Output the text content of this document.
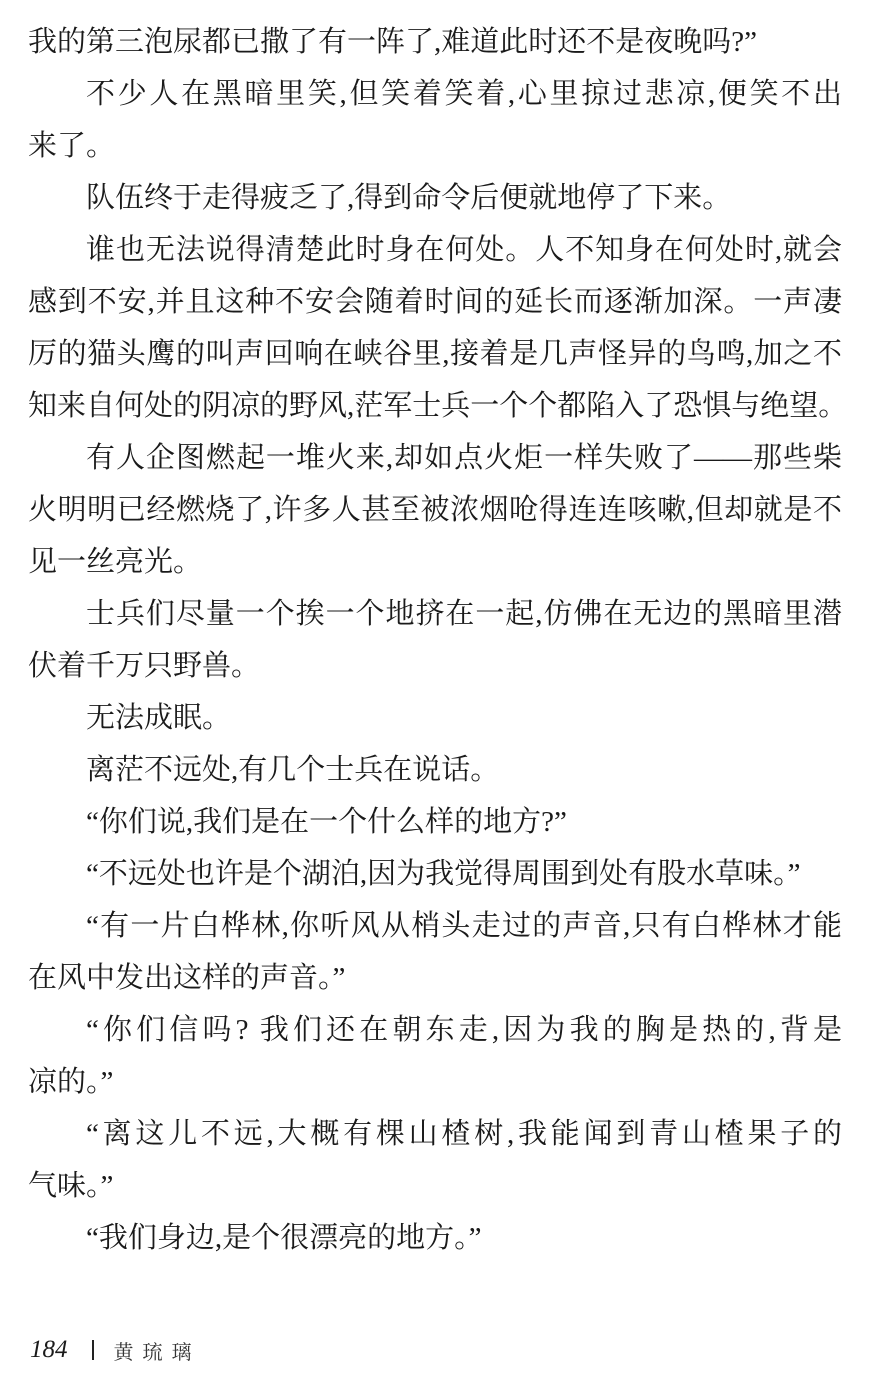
我的第三泡尿都已撒了有一阵了,难道此时还不是夜晚吗?”
不少人在黑暗里笑,但笑着笑着,心里掠过悲凉,便笑不出
来了。
队伍终于走得疲乏了,得到命令后便就地停了下来。
谁也无法说得清楚此时身在何处。人不知身在何处时,就会
感到不安,并且这种不安会随着时间的延长而逐渐加深。一声凄
厉的猫头鹰的叫声回响在峡谷里,接着是几声怪异的鸟鸣,加之不
知来自何处的阴凉的野风,茫军士兵一个个都陷入了恐惧与绝望。
有人企图燃起一堆火来,却如点火炬一样失败了——那些柴
火明明已经燃烧了,许多人甚至被浓烟呛得连连咳嗽,但却就是不
见一丝亮光。
士兵们尽量一个挨一个地挤在一起,仿佛在无边的黑暗里潜
伏着千万只野兽。
无法成眠。
离茫不远处,有几个士兵在说话。
“你们说,我们是在一个什么样的地方?”
“不远处也许是个湖泊,因为我觉得周围到处有股水草味。”
“有一片白桦林,你听风从梢头走过的声音,只有白桦林才能
在风中发出这样的声音。”
“你们信吗? 我们还在朝东走,因为我的胸是热的,背是
凉的。”
“离这儿不远,大概有棵山楂树,我能闻到青山楂果子的
气味。”
“我们身边,是个很漂亮的地方。”
184 黄琉璃
